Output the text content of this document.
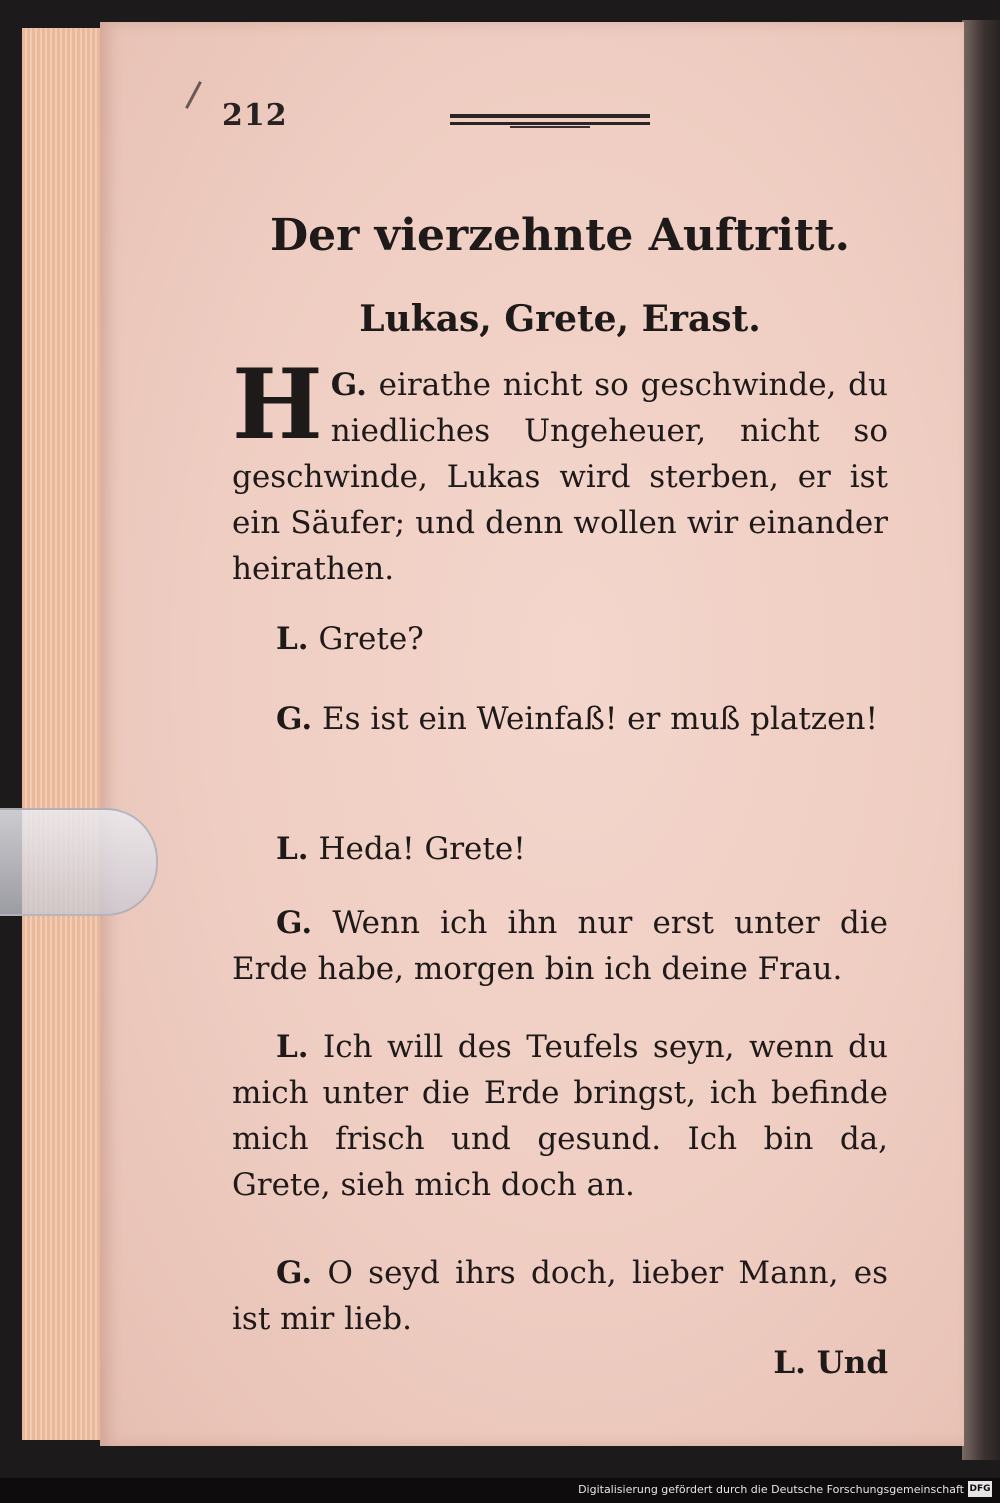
212
Der vierzehnte Auftritt.
Lukas, Grete, Erast.
G.
H eirathe nicht so geschwinde, du niedliches Ungeheuer, nicht so geschwinde, Lukas wird sterben, er ist ein Säufer; und denn wollen wir einander heirathen.
L. Grete?
G. Es ist ein Weinfaß! er muß platzen!
L. Heda! Grete!
G. Wenn ich ihn nur erst unter die Erde habe, morgen bin ich deine Frau.
L. Ich will des Teufels seyn, wenn du mich unter die Erde bringst, ich befinde mich frisch und gesund. Ich bin da, Grete, sieh mich doch an.
G. O seyd ihrs doch, lieber Mann, es ist mir lieb.
L. Und
Digitalisierung gefördert durch die Deutsche Forschungsgemeinschaft DFG
